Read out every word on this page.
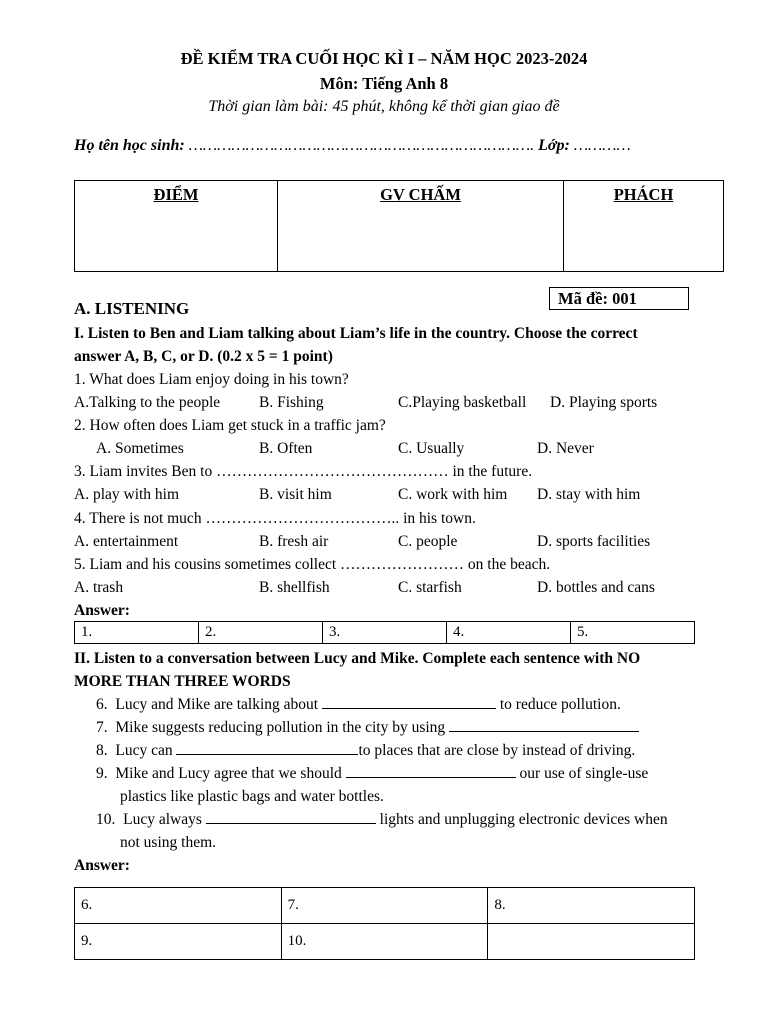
ĐỀ KIỂM TRA CUỐI HỌC KÌ I – NĂM HỌC 2023-2024
Môn: Tiếng Anh 8
Thời gian làm bài: 45 phút, không kể thời gian giao đề
Họ tên học sinh: ………………………………………………………………. Lớp: …………
ĐIỂM	GV CHẤM	PHÁCH
A. LISTENING
Mã đề: 001
I. Listen to Ben and Liam talking about Liam’s life in the country. Choose the correct
answer A, B, C, or D. (0.2 x 5 = 1 point)
1. What does Liam enjoy doing in his town?
A.Talking to the people	B. Fishing	C.Playing basketball D. Playing sports
2. How often does Liam get stuck in a traffic jam?
A. Sometimes	B. Often	C. Usually	D. Never
3. Liam invites Ben to ……………………………………… in the future.
A. play with him	B. visit him	C. work with him D. stay with him
4. There is not much ……………………………….. in his town.
A. entertainment	B. fresh air	C. people	D. sports facilities
5. Liam and his cousins sometimes collect …………………… on the beach.
A. trash	B. shellfish	C. starfish	D. bottles and cans
Answer:
1.	2.	3.	4.	5.
II. Listen to a conversation between Lucy and Mike. Complete each sentence with NO
MORE THAN THREE WORDS
6. Lucy and Mike are talking about	to reduce pollution.
7. Mike suggests reducing pollution in the city by using
8. Lucy can	to places that are close by instead of driving.
9. Mike and Lucy agree that we should	our use of single-use
plastics like plastic bags and water bottles.
10. Lucy always	lights and unplugging electronic devices when
not using them.
Answer:
6.	7.	8.
9.	10.	
